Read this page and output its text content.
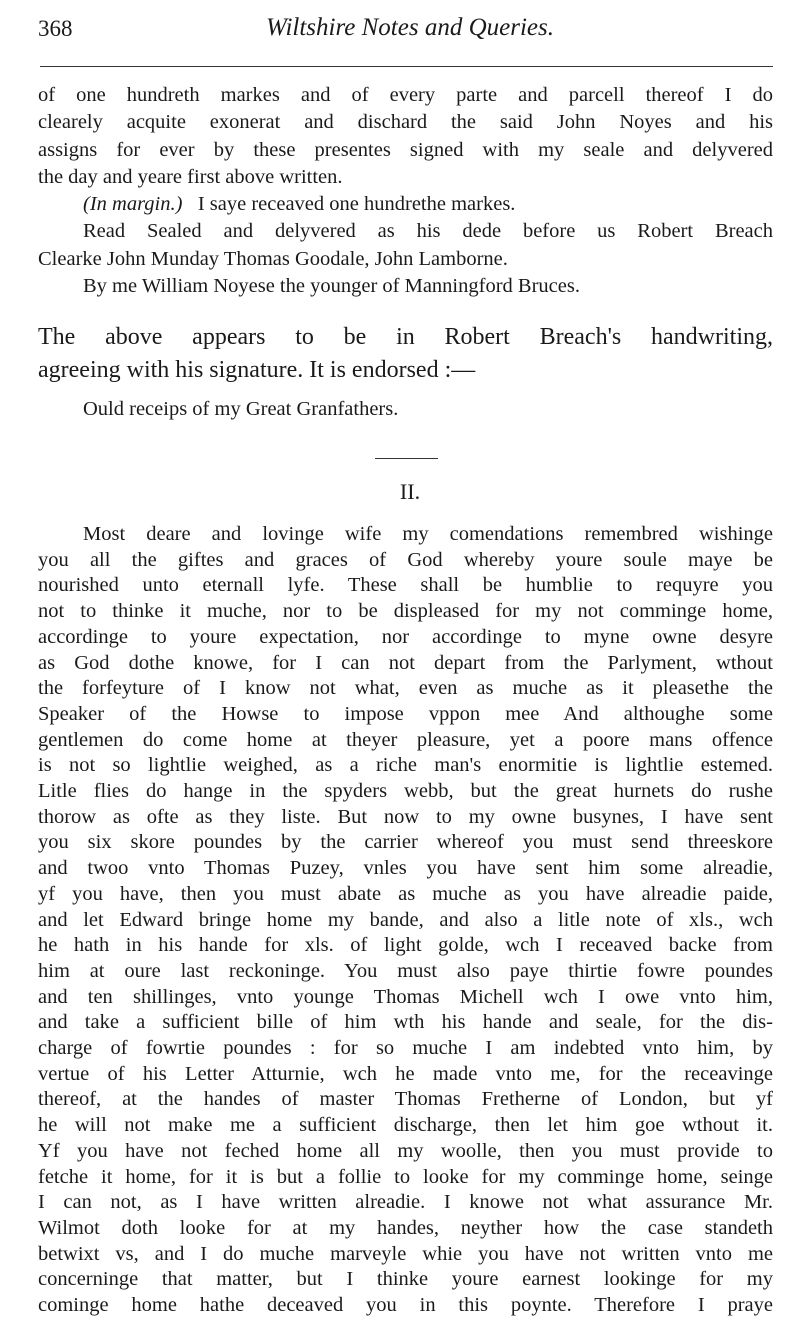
368	Wiltshire Notes and Queries.
of one hundreth markes and of every parte and parcell thereof I do
clearely acquite exonerat and dischard the said John Noyes and his
assigns for ever by these presentes signed with my seale and delyvered
the day and yeare first above written.
(In margin.) I saye receaved one hundrethe markes.
Read Sealed and delyvered as his dede before us Robert Breach
Clearke John Munday Thomas Goodale, John Lamborne.
By me William Noyese the younger of Manningford Bruces.
The above appears to be in Robert Breach's handwriting,
agreeing with his signature. It is endorsed :—
Ould receips of my Great Granfathers.
II.
Most deare and lovinge wife my comendations remembred wishinge
you all the giftes and graces of God whereby youre soule maye be
nourished unto eternall lyfe. These shall be humblie to requyre you
not to thinke it muche, nor to be displeased for my not comminge home,
accordinge to youre expectation, nor accordinge to myne owne desyre
as God dothe knowe, for I can not depart from the Parlyment, wthout
the forfeyture of I know not what, even as muche as it pleasethe the
Speaker of the Howse to impose vppon mee And althoughe some
gentlemen do come home at theyer pleasure, yet a poore mans offence
is not so lightlie weighed, as a riche man's enormitie is lightlie estemed.
Litle flies do hange in the spyders webb, but the great hurnets do rushe
thorow as ofte as they liste. But now to my owne busynes, I have sent
you six skore poundes by the carrier whereof you must send threeskore
and twoo vnto Thomas Puzey, vnles you have sent him some alreadie,
yf you have, then you must abate as muche as you have alreadie paide,
and let Edward bringe home my bande, and also a litle note of xls., wch
he hath in his hande for xls. of light golde, wch I receaved backe from
him at oure last reckoninge. You must also paye thirtie fowre poundes
and ten shillinges, vnto younge Thomas Michell wch I owe vnto him,
and take a sufficient bille of him wth his hande and seale, for the dis-
charge of fowrtie poundes : for so muche I am indebted vnto him, by
vertue of his Letter Atturnie, wch he made vnto me, for the receavinge
thereof, at the handes of master Thomas Fretherne of London, but yf
he will not make me a sufficient discharge, then let him goe wthout it.
Yf you have not feched home all my woolle, then you must provide to
fetche it home, for it is but a follie to looke for my comminge home, seinge
I can not, as I have written alreadie. I knowe not what assurance Mr.
Wilmot doth looke for at my handes, neyther how the case standeth
betwixt vs, and I do muche marveyle whie you have not written vnto me
concerninge that matter, but I thinke youre earnest lookinge for my
cominge home hathe deceaved you in this poynte. Therefore I praye
